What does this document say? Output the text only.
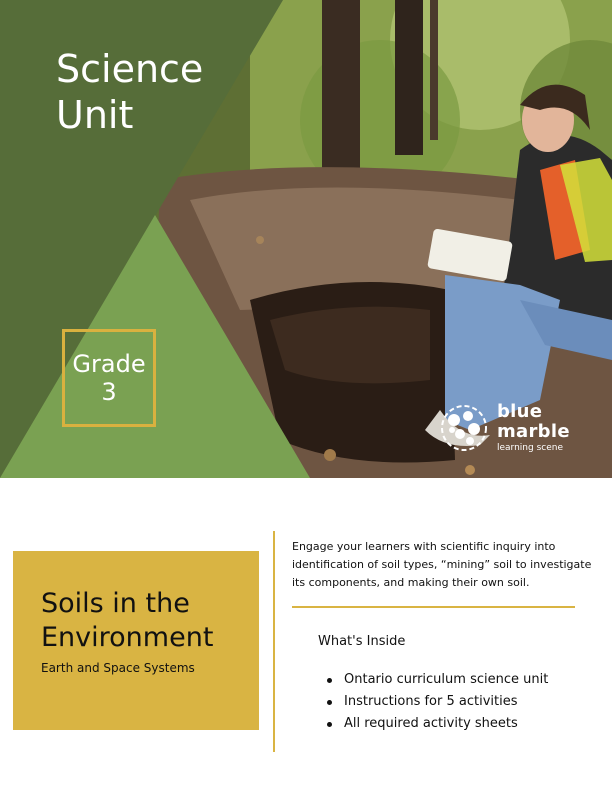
Science
Unit
Grade
3
blue
marble
learning scene
Soils in the
Environment
Earth and Space Systems

Engage your learners with scientific inquiry into identification of soil types, “mining” soil to investigate its components, and making their own soil.

What's Inside
Ontario curriculum science unit
Instructions for 5 activities
All required activity sheets
